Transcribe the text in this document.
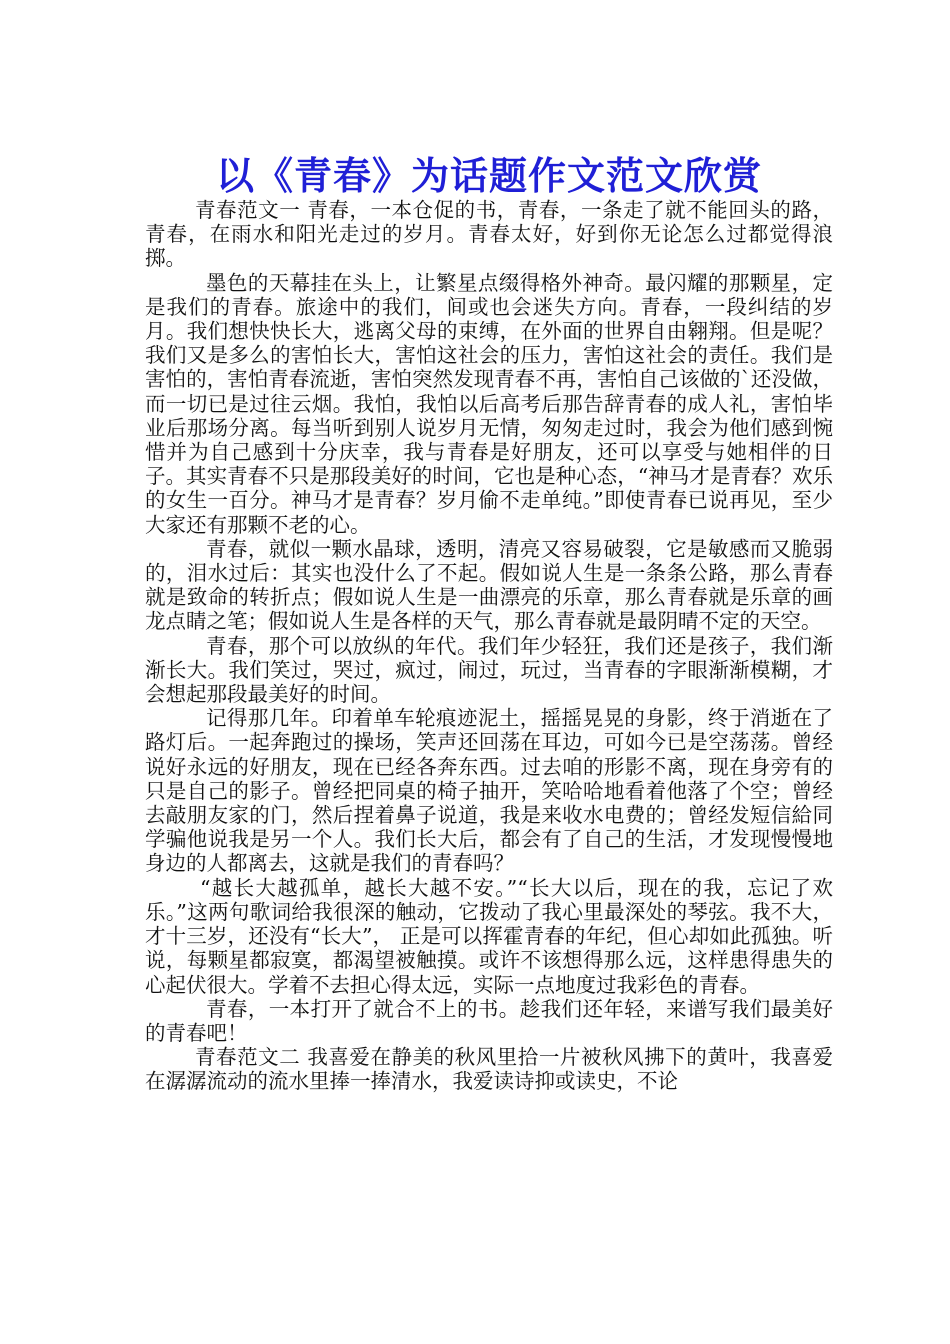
以《青春》为话题作文范文欣赏

青春范文一 青春，一本仓促的书，青春，一条走了就不能回头的路，青春，在雨水和阳光走过的岁月。青春太好，好到你无论怎么过都觉得浪掷。

墨色的天幕挂在头上，让繁星点缀得格外神奇。最闪耀的那颗星，定是我们的青春。旅途中的我们，间或也会迷失方向。青春，一段纠结的岁月。我们想快快长大，逃离父母的束缚，在外面的世界自由翱翔。但是呢？我们又是多么的害怕长大，害怕这社会的压力，害怕这社会的责任。我们是害怕的，害怕青春流逝，害怕突然发现青春不再，害怕自己该做的`还没做，而一切已是过往云烟。我怕，我怕以后高考后那告辞青春的成人礼，害怕毕业后那场分离。每当听到别人说岁月无情，匆匆走过时，我会为他们感到惋惜并为自己感到十分庆幸，我与青春是好朋友，还可以享受与她相伴的日子。其实青春不只是那段美好的时间，它也是种心态，“神马才是青春？欢乐的女生一百分。神马才是青春？岁月偷不走单纯。”即使青春已说再见，至少大家还有那颗不老的心。

青春，就似一颗水晶球，透明，清亮又容易破裂，它是敏感而又脆弱的，泪水过后：其实也没什么了不起。假如说人生是一条条公路，那么青春就是致命的转折点；假如说人生是一曲漂亮的乐章，那么青春就是乐章的画龙点睛之笔；假如说人生是各样的天气，那么青春就是最阴晴不定的天空。

青春，那个可以放纵的年代。我们年少轻狂，我们还是孩子，我们渐渐长大。我们笑过，哭过，疯过，闹过，玩过，当青春的字眼渐渐模糊，才会想起那段最美好的时间。

记得那几年。印着单车轮痕迹泥土，摇摇晃晃的身影，终于消逝在了路灯后。一起奔跑过的操场，笑声还回荡在耳边，可如今已是空荡荡。曾经说好永远的好朋友，现在已经各奔东西。过去咱的形影不离，现在身旁有的只是自己的影子。曾经把同桌的椅子抽开，笑哈哈地看着他落了个空；曾经去敲朋友家的门，然后捏着鼻子说道，我是来收水电费的；曾经发短信給同学骗他说我是另一个人。我们长大后，都会有了自己的生活，才发现慢慢地身边的人都离去，这就是我们的青春吗？

“越长大越孤单，越长大越不安。”“长大以后，现在的我，忘记了欢乐。”这两句歌词给我很深的触动，它拨动了我心里最深处的琴弦。我不大，才十三岁，还没有“长大”， 正是可以挥霍青春的年纪，但心却如此孤独。听说，每颗星都寂寞，都渴望被触摸。或许不该想得那么远，这样患得患失的心起伏很大。学着不去担心得太远，实际一点地度过我彩色的青春。

青春，一本打开了就合不上的书。趁我们还年轻，来谱写我们最美好的青春吧！

青春范文二 我喜爱在静美的秋风里拾一片被秋风拂下的黄叶，我喜爱在潺潺流动的流水里捧一捧清水，我爱读诗抑或读史，不论
